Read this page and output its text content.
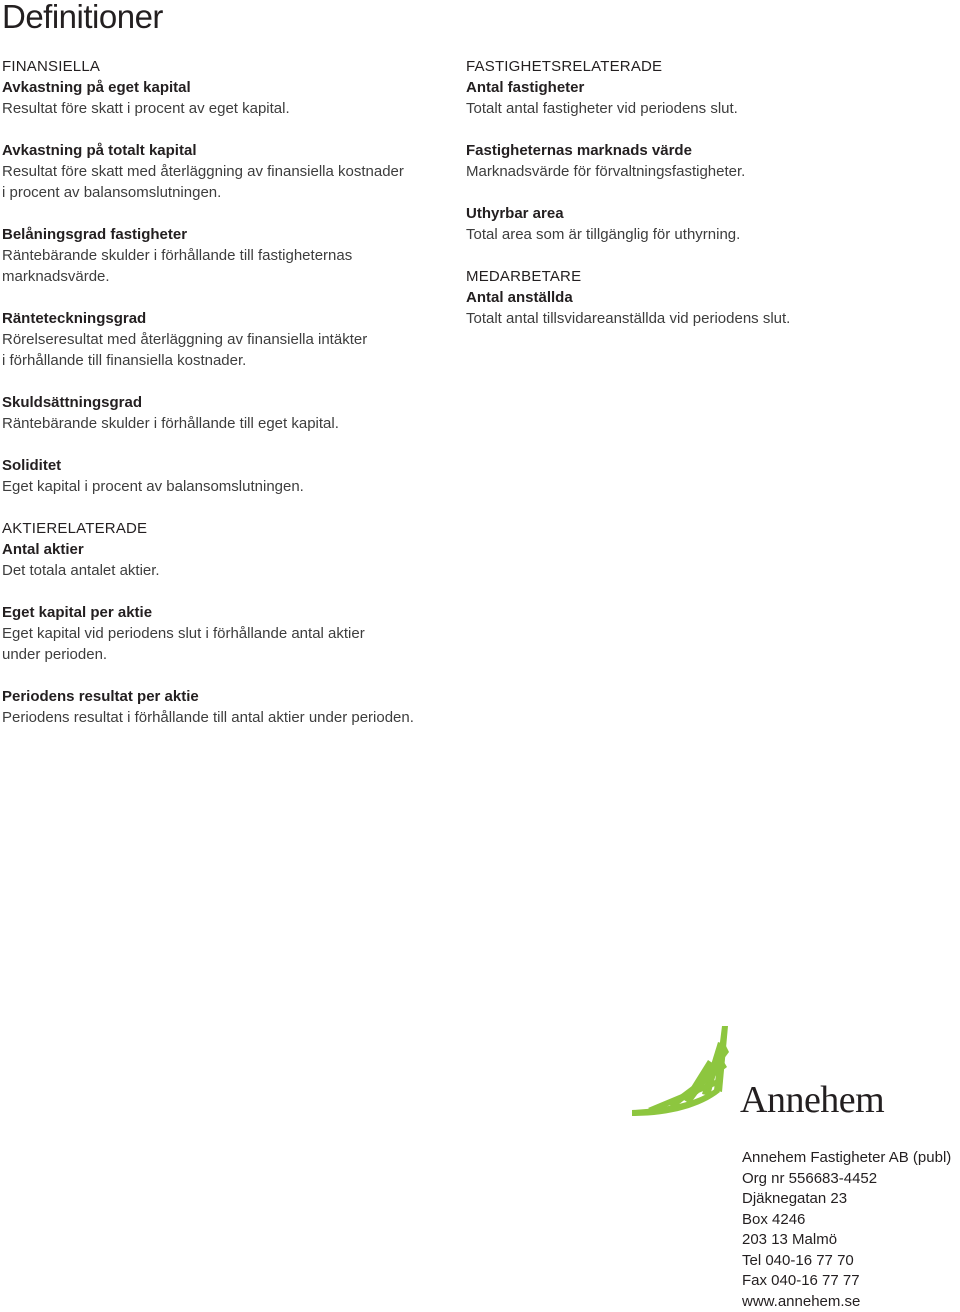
Definitioner
FINANSIELLA
Avkastning på eget kapital
Resultat före skatt i procent av eget kapital.
Avkastning på totalt kapital
Resultat före skatt med återläggning av finansiella kostnader
i procent av balansomslutningen.
Belåningsgrad fastigheter
Räntebärande skulder i förhållande till fastigheternas
marknadsvärde.
Ränteteckningsgrad
Rörelseresultat med återläggning av finansiella intäkter
i förhållande till finansiella kostnader.
Skuldsättningsgrad
Räntebärande skulder i förhållande till eget kapital.
Soliditet
Eget kapital i procent av balansomslutningen.
AKTIERELATERADE
Antal aktier
Det totala antalet aktier.
Eget kapital per aktie
Eget kapital vid periodens slut i förhållande antal aktier
under perioden.
Periodens resultat per aktie
Periodens resultat i förhållande till antal aktier under perioden.
FASTIGHETSRELATERADE
Antal fastigheter
Totalt antal fastigheter vid periodens slut.
Fastigheternas marknads värde
Marknadsvärde för förvaltningsfastigheter.
Uthyrbar area
Total area som är tillgänglig för uthyrning.
MEDARBETARE
Antal anställda
Totalt antal tillsvidareanställda vid periodens slut.
Annehem
Annehem Fastigheter AB (publ)
Org nr 556683-4452
Djäknegatan 23
Box 4246
203 13 Malmö
Tel 040-16 77 70
Fax 040-16 77 77
www.annehem.se
